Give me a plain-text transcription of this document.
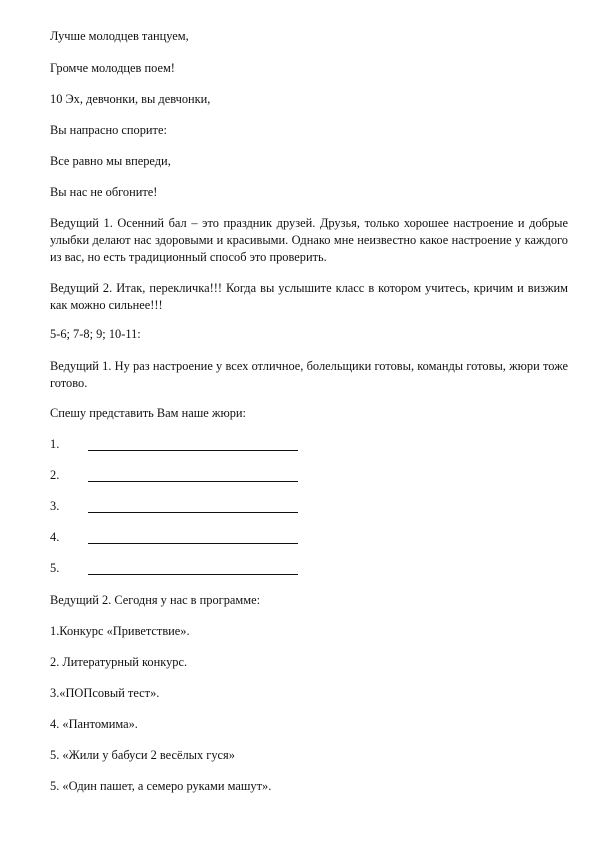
Лучше молодцев танцуем,
Громче молодцев поем!
10 Эх, девчонки, вы девчонки,
Вы напрасно спорите:
Все равно мы впереди,
Вы нас не обгоните!
Ведущий 1. Осенний бал – это праздник друзей. Друзья, только хорошее настроение и добрые улыбки делают нас здоровыми и красивыми. Однако мне неизвестно какое настроение у каждого из вас, но есть традиционный способ это проверить.
Ведущий 2. Итак, перекличка!!! Когда вы услышите класс в котором учитесь, кричим и визжим как можно сильнее!!!
5-6; 7-8; 9; 10-11:
Ведущий 1. Ну раз настроение у всех отличное, болельщики готовы, команды готовы, жюри тоже готово.
Спешу представить Вам наше жюри:
1.
2.
3.
4.
5.
Ведущий 2. Сегодня у нас в программе:
1.Конкурс «Приветствие».
2. Литературный конкурс.
3.«ПОПсовый тест».
4. «Пантомима».
5. «Жили у бабуси 2 весёлых гуся»
5. «Один пашет, а семеро руками машут».
